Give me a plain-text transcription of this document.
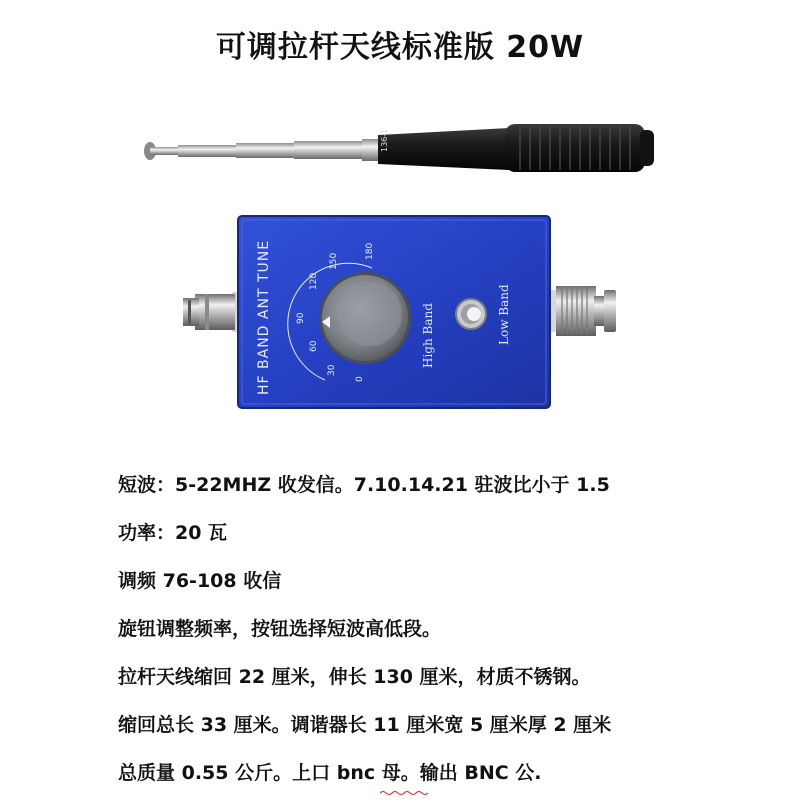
可调拉杆天线标准版 20W
136-1
HF BAND ANT TUNE	0
30
60
90
120
150
180
High Band	Low Band
短波：5-22MHZ 收发信。7.10.14.21 驻波比小于 1.5
功率：20 瓦
调频 76-108 收信
旋钮调整频率，按钮选择短波高低段。
拉杆天线缩回 22 厘米，伸长 130 厘米，材质不锈钢。
缩回总长 33 厘米。调谐器长 11 厘米宽 5 厘米厚 2 厘米
总质量 0.55 公斤。上口 bnc 母。输出 BNC 公.
